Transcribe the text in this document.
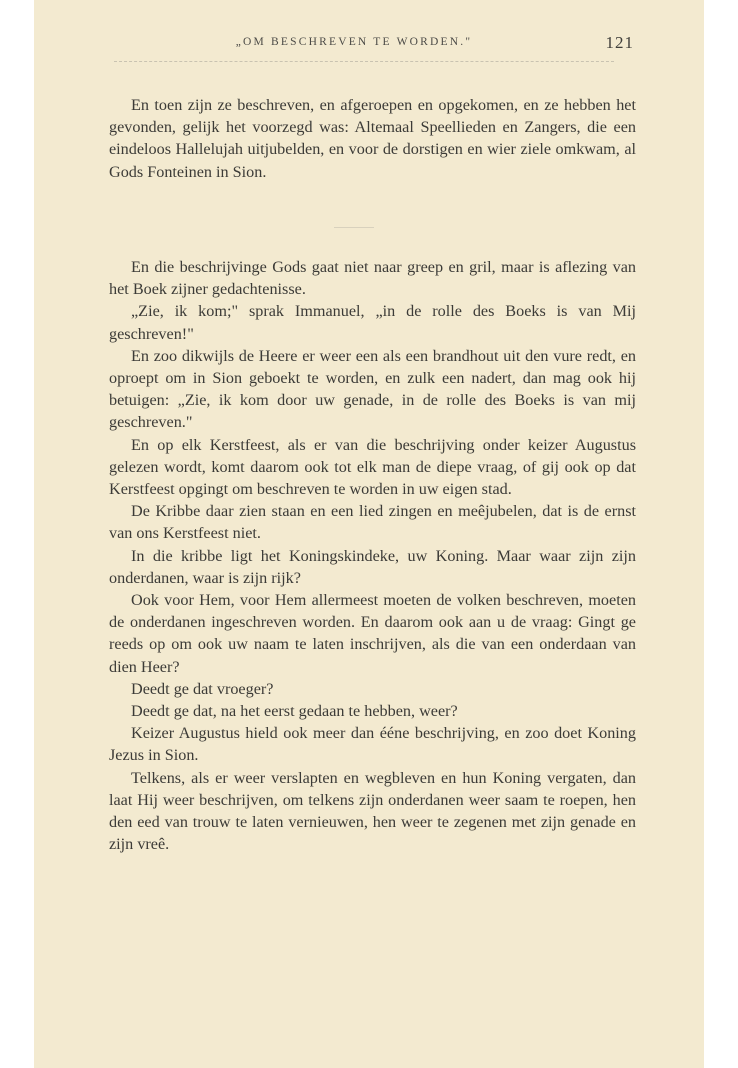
„OM BESCHREVEN TE WORDEN."	121

En toen zijn ze beschreven, en afgeroepen en opgekomen, en ze hebben het gevonden, gelijk het voorzegd was: Altemaal Speellieden en Zangers, die een eindeloos Hallelujah uitjubelden, en voor de dorstigen en wier ziele omkwam, al Gods Fonteinen in Sion.

En die beschrijvinge Gods gaat niet naar greep en gril, maar is aflezing van het Boek zijner gedachtenisse.

„Zie, ik kom;" sprak Immanuel, „in de rolle des Boeks is van Mij geschreven!"

En zoo dikwijls de Heere er weer een als een brandhout uit den vure redt, en oproept om in Sion geboekt te worden, en zulk een nadert, dan mag ook hij betuigen: „Zie, ik kom door uw genade, in de rolle des Boeks is van mij geschreven."

En op elk Kerstfeest, als er van die beschrijving onder keizer Augustus gelezen wordt, komt daarom ook tot elk man de diepe vraag, of gij ook op dat Kerstfeest opgingt om beschreven te worden in uw eigen stad.

De Kribbe daar zien staan en een lied zingen en meêjubelen, dat is de ernst van ons Kerstfeest niet.

In die kribbe ligt het Koningskindeke, uw Koning. Maar waar zijn zijn onderdanen, waar is zijn rijk?

Ook voor Hem, voor Hem allermeest moeten de volken beschreven, moeten de onderdanen ingeschreven worden. En daarom ook aan u de vraag: Gingt ge reeds op om ook uw naam te laten inschrijven, als die van een onderdaan van dien Heer?

Deedt ge dat vroeger?

Deedt ge dat, na het eerst gedaan te hebben, weer?

Keizer Augustus hield ook meer dan ééne beschrijving, en zoo doet Koning Jezus in Sion.

Telkens, als er weer verslapten en wegbleven en hun Koning vergaten, dan laat Hij weer beschrijven, om telkens zijn onderdanen weer saam te roepen, hen den eed van trouw te laten vernieuwen, hen weer te zegenen met zijn genade en zijn vreê.
